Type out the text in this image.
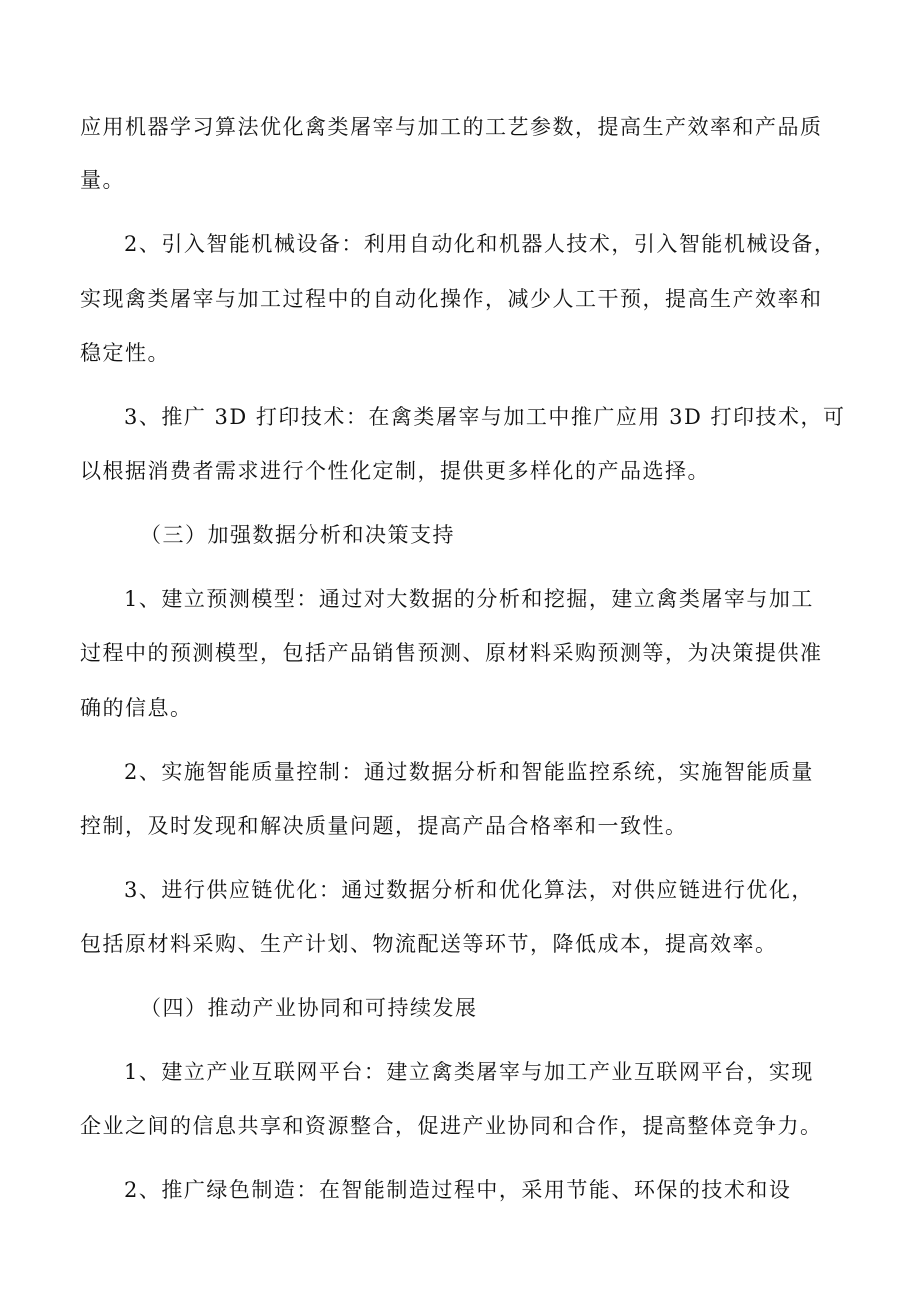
应用机器学习算法优化禽类屠宰与加工的工艺参数，提高生产效率和产品质
量。
2、引入智能机械设备：利用自动化和机器人技术，引入智能机械设备，
实现禽类屠宰与加工过程中的自动化操作，减少人工干预，提高生产效率和
稳定性。
3、推广 3D 打印技术：在禽类屠宰与加工中推广应用 3D 打印技术，可
以根据消费者需求进行个性化定制，提供更多样化的产品选择。
（三）加强数据分析和决策支持
1、建立预测模型：通过对大数据的分析和挖掘，建立禽类屠宰与加工
过程中的预测模型，包括产品销售预测、原材料采购预测等，为决策提供准
确的信息。
2、实施智能质量控制：通过数据分析和智能监控系统，实施智能质量
控制，及时发现和解决质量问题，提高产品合格率和一致性。
3、进行供应链优化：通过数据分析和优化算法，对供应链进行优化，
包括原材料采购、生产计划、物流配送等环节，降低成本，提高效率。
（四）推动产业协同和可持续发展
1、建立产业互联网平台：建立禽类屠宰与加工产业互联网平台，实现
企业之间的信息共享和资源整合，促进产业协同和合作，提高整体竞争力。
2、推广绿色制造：在智能制造过程中，采用节能、环保的技术和设
